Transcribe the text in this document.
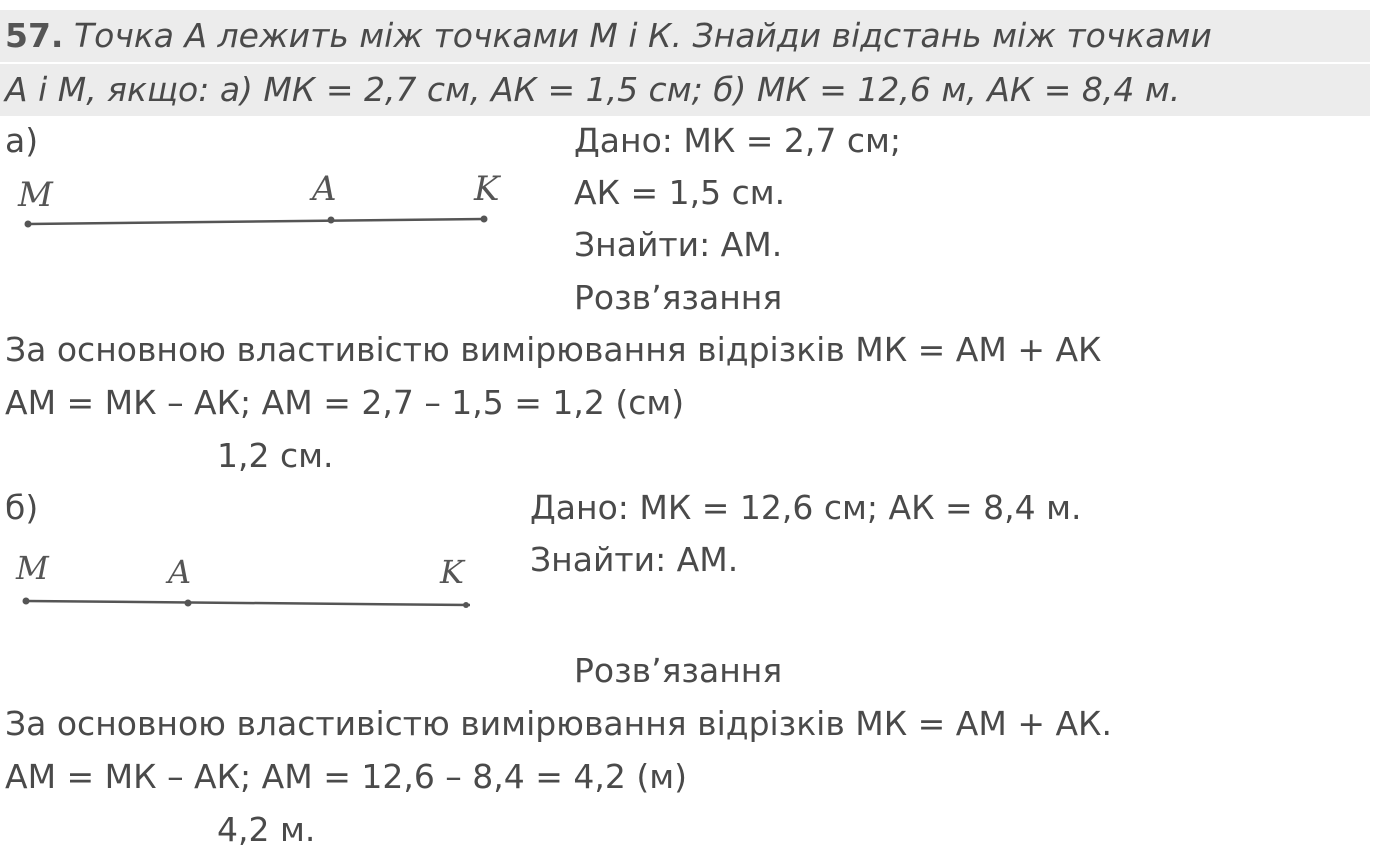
57. Точка А лежить між точками М і К. Знайди відстань між точками
А і М, якщо: а) МК = 2,7 см, АК = 1,5 см; б) МК = 12,6 м, АК = 8,4 м.
а)
M	A	K
Дано: МК = 2,7 см;
АК = 1,5 см.
Знайти: АМ.
Розв’язання
За основною властивістю вимірювання відрізків МК = АМ + АК
АМ = МК – АК; АМ = 2,7 – 1,5 = 1,2 (см)
1,2 см.
б)
M	A	K
Дано: МК = 12,6 см; АК = 8,4 м.
Знайти: АМ.
Розв’язання
За основною властивістю вимірювання відрізків МК = АМ + АК.
АМ = МК – АК; АМ = 12,6 – 8,4 = 4,2 (м)
4,2 м.
